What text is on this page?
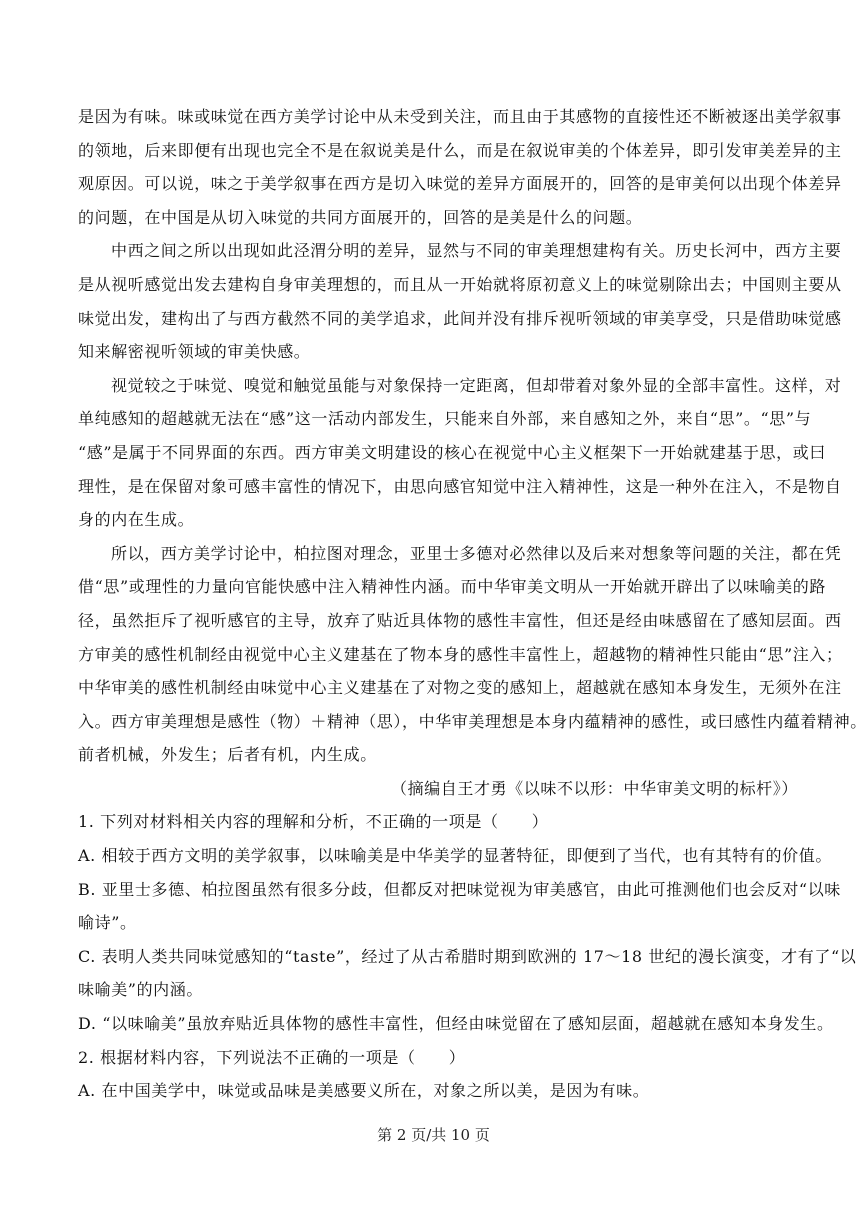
是因为有味。味或味觉在西方美学讨论中从未受到关注，而且由于其感物的直接性还不断被逐出美学叙事
的领地，后来即便有出现也完全不是在叙说美是什么，而是在叙说审美的个体差异，即引发审美差异的主
观原因。可以说，味之于美学叙事在西方是切入味觉的差异方面展开的，回答的是审美何以出现个体差异
的问题，在中国是从切入味觉的共同方面展开的，回答的是美是什么的问题。
中西之间之所以出现如此泾渭分明的差异，显然与不同的审美理想建构有关。历史长河中，西方主要
是从视听感觉出发去建构自身审美理想的，而且从一开始就将原初意义上的味觉剔除出去；中国则主要从
味觉出发，建构出了与西方截然不同的美学追求，此间并没有排斥视听领域的审美享受，只是借助味觉感
知来解密视听领域的审美快感。
视觉较之于味觉、嗅觉和触觉虽能与对象保持一定距离，但却带着对象外显的全部丰富性。这样，对
单纯感知的超越就无法在“感”这一活动内部发生，只能来自外部，来自感知之外，来自“思”。“思”与
“感”是属于不同界面的东西。西方审美文明建设的核心在视觉中心主义框架下一开始就建基于思，或曰
理性，是在保留对象可感丰富性的情况下，由思向感官知觉中注入精神性，这是一种外在注入，不是物自
身的内在生成。
所以，西方美学讨论中，柏拉图对理念，亚里士多德对必然律以及后来对想象等问题的关注，都在凭
借“思”或理性的力量向官能快感中注入精神性内涵。而中华审美文明从一开始就开辟出了以味喻美的路
径，虽然拒斥了视听感官的主导，放弃了贴近具体物的感性丰富性，但还是经由味感留在了感知层面。西
方审美的感性机制经由视觉中心主义建基在了物本身的感性丰富性上，超越物的精神性只能由“思”注入；
中华审美的感性机制经由味觉中心主义建基在了对物之变的感知上，超越就在感知本身发生，无须外在注
入。西方审美理想是感性（物）＋精神（思），中华审美理想是本身内蕴精神的感性，或曰感性内蕴着精神。
前者机械，外发生；后者有机，内生成。
（摘编自王才勇《以味不以形：中华审美文明的标杆》）
1. 下列对材料相关内容的理解和分析，不正确的一项是（　　）
A. 相较于西方文明的美学叙事，以味喻美是中华美学的显著特征，即便到了当代，也有其特有的价值。
B. 亚里士多德、柏拉图虽然有很多分歧，但都反对把味觉视为审美感官，由此可推测他们也会反对“以味
喻诗”。
C. 表明人类共同味觉感知的“taste”，经过了从古希腊时期到欧洲的 17～18 世纪的漫长演变，才有了“以
味喻美”的内涵。
D. “以味喻美”虽放弃贴近具体物的感性丰富性，但经由味觉留在了感知层面，超越就在感知本身发生。
2. 根据材料内容，下列说法不正确的一项是（　　）
A. 在中国美学中，味觉或品味是美感要义所在，对象之所以美，是因为有味。
第 2 页/共 10 页
